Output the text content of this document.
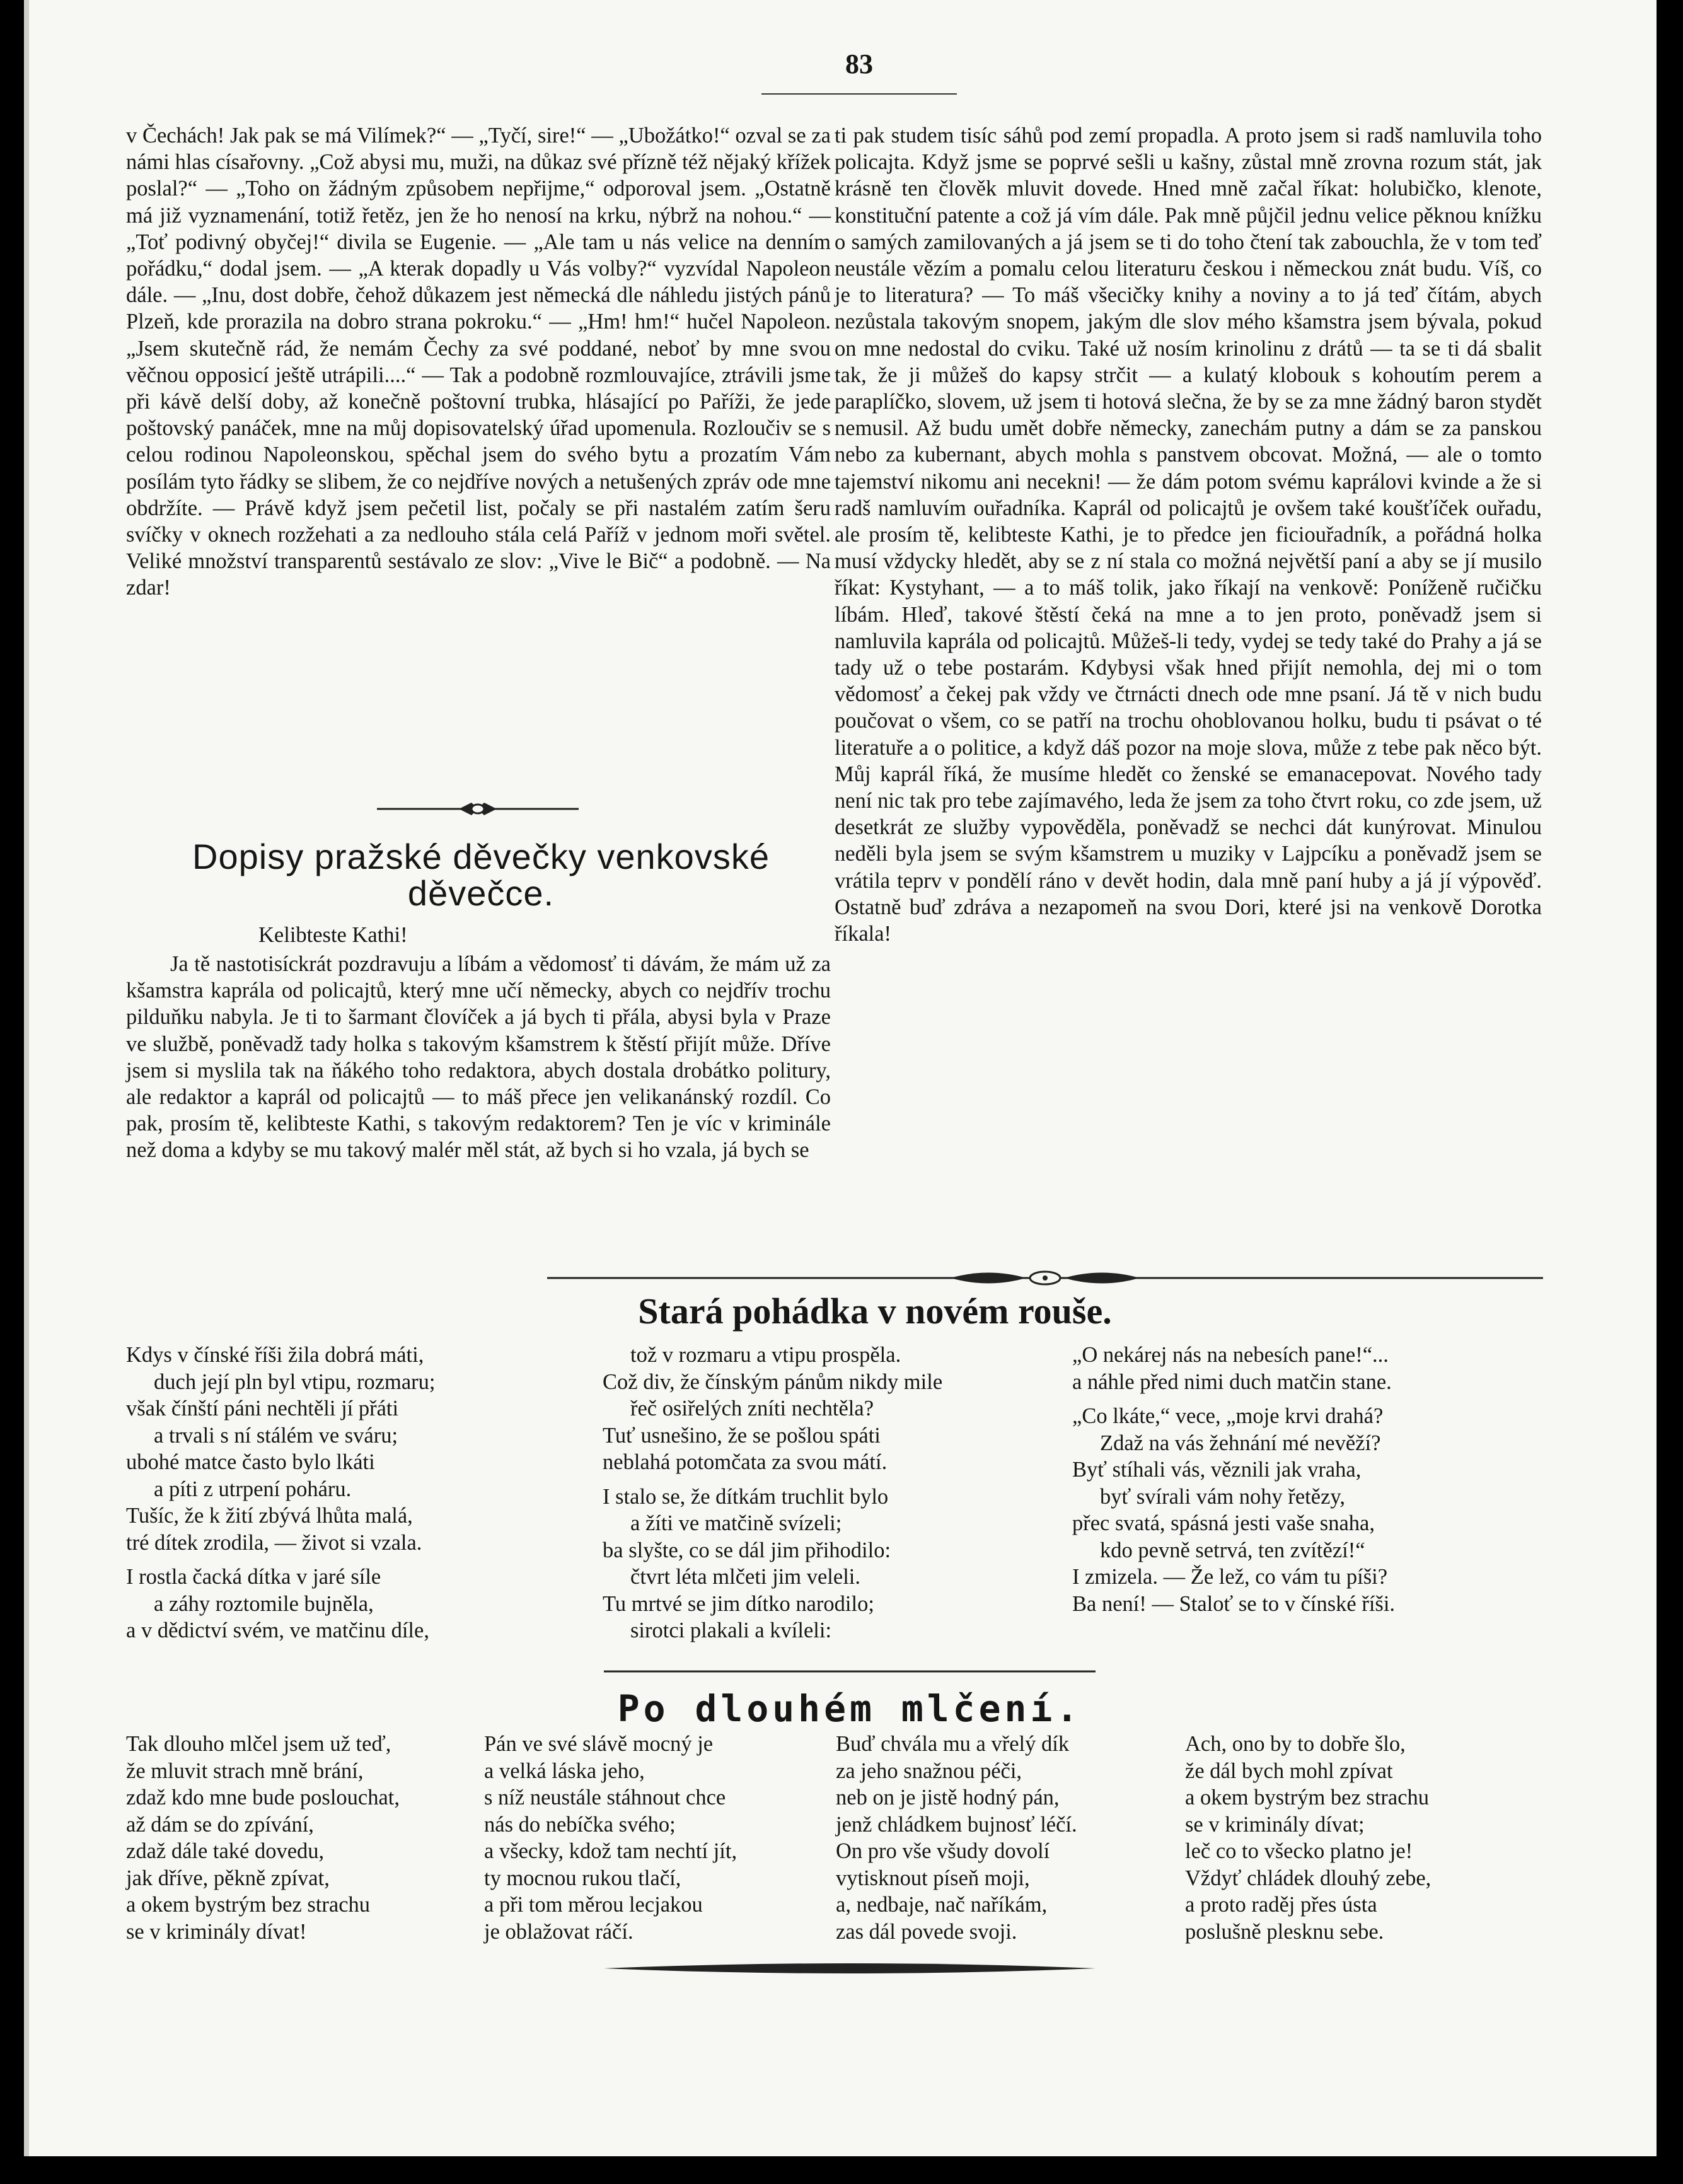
83

v Čechách! Jak pak se má Vilímek?“ — „Tyčí, sire!“ — „Ubožátko!“ ozval se za námi hlas císařovny. „Což abysi mu, muži, na důkaz své přízně též nějaký křížek poslal?“ — „Toho on žádným způsobem nepřijme,“ odporoval jsem. „Ostatně má již vyznamenání, totiž řetěz, jen že ho nenosí na krku, nýbrž na nohou.“ — „Toť podivný obyčej!“ divila se Eugenie. — „Ale tam u nás velice na denním pořádku,“ dodal jsem. — „A kterak dopadly u Vás volby?“ vyzvídal Napoleon dále. — „Inu, dost dobře, čehož důkazem jest německá dle náhledu jistých pánů Plzeň, kde prorazila na dobro strana pokroku.“ — „Hm! hm!“ hučel Napoleon. „Jsem skutečně rád, že nemám Čechy za své poddané, neboť by mne svou věčnou opposicí ještě utrápili....“ — Tak a podobně rozmlouvajíce, ztrávili jsme při kávě delší doby, až konečně poštovní trubka, hlásající po Paříži, že jede poštovský panáček, mne na můj dopisovatelský úřad upomenula. Rozloučiv se s celou rodinou Napoleonskou, spěchal jsem do svého bytu a prozatím Vám posílám tyto řádky se slibem, že co nejdříve nových a netušených zpráv ode mne obdržíte. — Právě když jsem pečetil list, počaly se při nastalém zatím šeru svíčky v oknech rozžehati a za nedlouho stála celá Paříž v jednom moři světel. Veliké množství transparentů sestávalo ze slov: „Vive le Bič“ a podobně. — Na zdar!

Dopisy pražské děvečky venkovské děvečce.
Kelibteste Kathi!

Ja tě nastotisíckrát pozdravuju a líbám a vědomosť ti dávám, že mám už za kšamstra kaprála od policajtů, který mne učí německy, abych co nejdřív trochu pilduňku nabyla. Je ti to šarmant človíček a já bych ti přála, abysi byla v Praze ve službě, poněvadž tady holka s takovým kšamstrem k štěstí přijít může. Dříve jsem si myslila tak na ňákého toho redaktora, abych dostala drobátko politury, ale redaktor a kaprál od policajtů — to máš přece jen velikanánský rozdíl. Co pak, prosím tě, kelibteste Kathi, s takovým redaktorem? Ten je víc v kriminále než doma a kdyby se mu takový malér měl stát, až bych si ho vzala, já bych se

ti pak studem tisíc sáhů pod zemí propadla. A proto jsem si radš namluvila toho policajta. Když jsme se poprvé sešli u kašny, zůstal mně zrovna rozum stát, jak krásně ten člověk mluvit dovede. Hned mně začal říkat: holubičko, klenote, konstituční patente a což já vím dále. Pak mně půjčil jednu velice pěknou knížku o samých zamilovaných a já jsem se ti do toho čtení tak zabouchla, že v tom teď neustále vězím a pomalu celou literaturu českou i německou znát budu. Víš, co je to literatura? — To máš všecičky knihy a noviny a to já teď čítám, abych nezůstala takovým snopem, jakým dle slov mého kšamstra jsem bývala, pokud on mne nedostal do cviku. Také už nosím krinolinu z drátů — ta se ti dá sbalit tak, že ji můžeš do kapsy strčit — a kulatý klobouk s kohoutím perem a paraplíčko, slovem, už jsem ti hotová slečna, že by se za mne žádný baron stydět nemusil. Až budu umět dobře německy, zanechám putny a dám se za panskou nebo za kubernant, abych mohla s panstvem obcovat. Možná, — ale o tomto tajemství nikomu ani necekni! — že dám potom svému kaprálovi kvinde a že si radš namluvím ouřadníka. Kaprál od policajtů je ovšem také koušťíček ouřadu, ale prosím tě, kelibteste Kathi, je to předce jen ficiouřadník, a pořádná holka musí vždycky hledět, aby se z ní stala co možná největší paní a aby se jí musilo říkat: Kystyhant, — a to máš tolik, jako říkají na venkově: Poníženě ručičku líbám. Hleď, takové štěstí čeká na mne a to jen proto, poněvadž jsem si namluvila kaprála od policajtů. Můžeš-li tedy, vydej se tedy také do Prahy a já se tady už o tebe postarám. Kdybysi však hned přijít nemohla, dej mi o tom vědomosť a čekej pak vždy ve čtrnácti dnech ode mne psaní. Já tě v nich budu poučovat o všem, co se patří na trochu ohoblovanou holku, budu ti psávat o té literatuře a o politice, a když dáš pozor na moje slova, může z tebe pak něco být. Můj kaprál říká, že musíme hledět co ženské se emanacepovat. Nového tady není nic tak pro tebe zajímavého, leda že jsem za toho čtvrt roku, co zde jsem, už desetkrát ze služby vypověděla, poněvadž se nechci dát kunýrovat. Minulou neděli byla jsem se svým kšamstrem u muziky v Lajpcíku a poněvadž jsem se vrátila teprv v pondělí ráno v devět hodin, dala mně paní huby a já jí výpověď. Ostatně buď zdráva a nezapomeň na svou Dori, které jsi na venkově Dorotka říkala!

Stará pohádka v novém rouše.
Kdys v čínské říši žila dobrá máti,
duch její pln byl vtipu, rozmaru;
však čínští páni nechtěli jí přáti
a trvali s ní stálém ve sváru;
ubohé matce často bylo lkáti
a píti z utrpení poháru.
Tušíc, že k žití zbývá lhůta malá,
tré dítek zrodila, — život si vzala.
I rostla čacká dítka v jaré síle
a záhy roztomile bujněla,
a v dědictví svém, ve matčinu díle,
tož v rozmaru a vtipu prospěla.
Což div, že čínským pánům nikdy mile
řeč osiřelých zníti nechtěla?
Tuť usnešino, že se pošlou spáti
neblahá potomčata za svou mátí.
I stalo se, že dítkám truchlit bylo
a žíti ve matčině svízeli;
ba slyšte, co se dál jim přihodilo:
čtvrt léta mlčeti jim veleli.
Tu mrtvé se jim dítko narodilo;
sirotci plakali a kvíleli:
„O nekárej nás na nebesích pane!“...
a náhle před nimi duch matčin stane.
„Co lkáte,“ vece, „moje krvi drahá?
Zdaž na vás žehnání mé nevěží?
Byť stíhali vás, věznili jak vraha,
byť svírali vám nohy řetězy,
přec svatá, spásná jesti vaše snaha,
kdo pevně setrvá, ten zvítězí!“
I zmizela. — Že lež, co vám tu píši?
Ba není! — Staloť se to v čínské říši.
Po dlouhém mlčení.
Tak dlouho mlčel jsem už teď,
že mluvit strach mně brání,
zdaž kdo mne bude poslouchat,
až dám se do zpívání,
zdaž dále také dovedu,
jak dříve, pěkně zpívat,
a okem bystrým bez strachu
se v kriminály dívat!
Pán ve své slávě mocný je
a velká láska jeho,
s níž neustále stáhnout chce
nás do nebíčka svého;
a všecky, kdož tam nechtí jít,
ty mocnou rukou tlačí,
a při tom měrou lecjakou
je oblažovat ráčí.
Buď chvála mu a vřelý dík
za jeho snažnou péči,
neb on je jistě hodný pán,
jenž chládkem bujnosť léčí.
On pro vše všudy dovolí
vytisknout píseň moji,
a, nedbaje, nač naříkám,
zas dál povede svoji.
Ach, ono by to dobře šlo,
že dál bych mohl zpívat
a okem bystrým bez strachu
se v kriminály dívat;
leč co to všecko platno je!
Vždyť chládek dlouhý zebe,
a proto raděj přes ústa
poslušně plesknu sebe.
